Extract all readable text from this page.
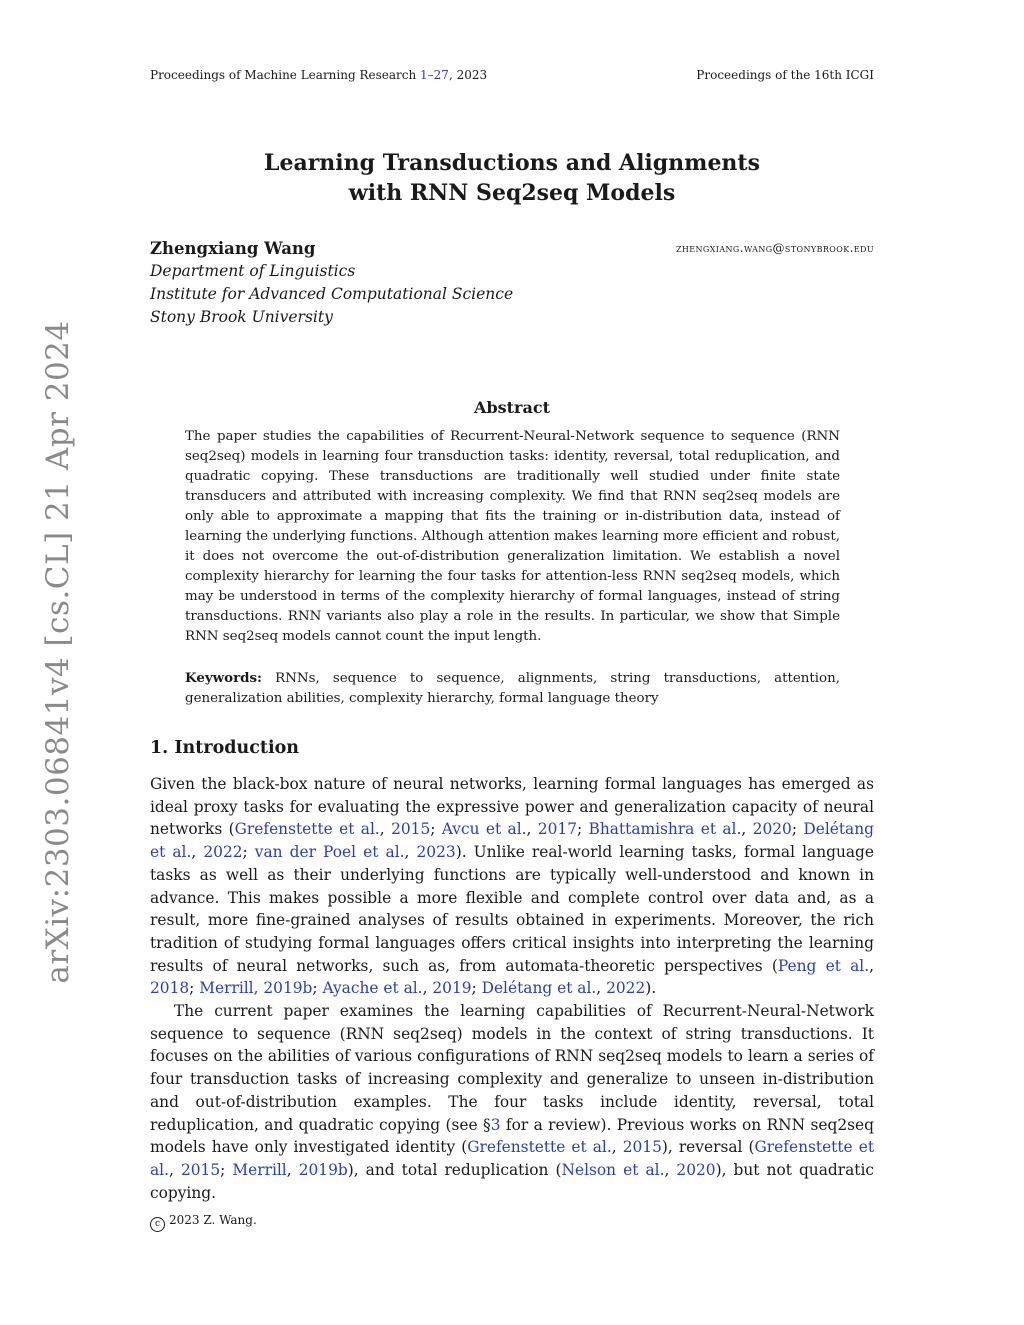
Proceedings of Machine Learning Research 1–27, 2023	Proceedings of the 16th ICGI
arXiv:2303.06841v4 [cs.CL] 21 Apr 2024
Learning Transductions and Alignments
with RNN Seq2seq Models
Zhengxiang Wang
Department of Linguistics
Institute for Advanced Computational Science
Stony Brook University
zhengxiang.wang@stonybrook.edu
Abstract
The paper studies the capabilities of Recurrent-Neural-Network sequence to sequence (RNN seq2seq) models in learning four transduction tasks: identity, reversal, total reduplication, and quadratic copying. These transductions are traditionally well studied under finite state transducers and attributed with increasing complexity. We find that RNN seq2seq models are only able to approximate a mapping that fits the training or in-distribution data, instead of learning the underlying functions. Although attention makes learning more efficient and robust, it does not overcome the out-of-distribution generalization limitation. We establish a novel complexity hierarchy for learning the four tasks for attention-less RNN seq2seq models, which may be understood in terms of the complexity hierarchy of formal languages, instead of string transductions. RNN variants also play a role in the results. In particular, we show that Simple RNN seq2seq models cannot count the input length.
Keywords: RNNs, sequence to sequence, alignments, string transductions, attention, generalization abilities, complexity hierarchy, formal language theory
1. Introduction

Given the black-box nature of neural networks, learning formal languages has emerged as ideal proxy tasks for evaluating the expressive power and generalization capacity of neural networks (Grefenstette et al., 2015; Avcu et al., 2017; Bhattamishra et al., 2020; Delétang et al., 2022; van der Poel et al., 2023). Unlike real-world learning tasks, formal language tasks as well as their underlying functions are typically well-understood and known in advance. This makes possible a more flexible and complete control over data and, as a result, more fine-grained analyses of results obtained in experiments. Moreover, the rich tradition of studying formal languages offers critical insights into interpreting the learning results of neural networks, such as, from automata-theoretic perspectives (Peng et al., 2018; Merrill, 2019b; Ayache et al., 2019; Delétang et al., 2022).

The current paper examines the learning capabilities of Recurrent-Neural-Network sequence to sequence (RNN seq2seq) models in the context of string transductions. It focuses on the abilities of various configurations of RNN seq2seq models to learn a series of four transduction tasks of increasing complexity and generalize to unseen in-distribution and out-of-distribution examples. The four tasks include identity, reversal, total reduplication, and quadratic copying (see §3 for a review). Previous works on RNN seq2seq models have only investigated identity (Grefenstette et al., 2015), reversal (Grefenstette et al., 2015; Merrill, 2019b), and total reduplication (Nelson et al., 2020), but not quadratic copying.

c 2023 Z. Wang.
